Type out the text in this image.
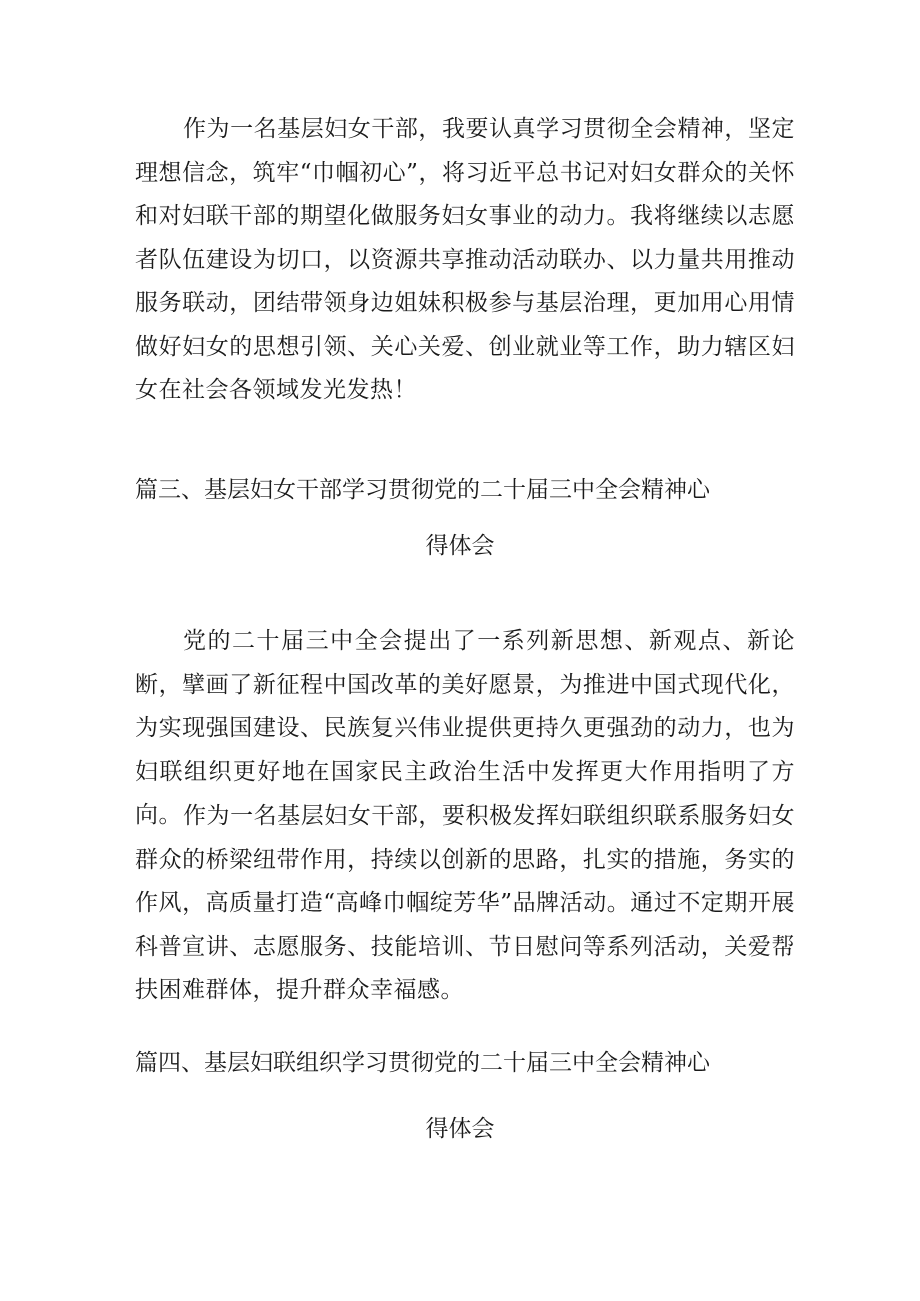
作为一名基层妇女干部，我要认真学习贯彻全会精神，坚定理想信念，筑牢“巾帼初心”，将习近平总书记对妇女群众的关怀和对妇联干部的期望化做服务妇女事业的动力。我将继续以志愿者队伍建设为切口，以资源共享推动活动联办、以力量共用推动服务联动，团结带领身边姐妹积极参与基层治理，更加用心用情做好妇女的思想引领、关心关爱、创业就业等工作，助力辖区妇女在社会各领域发光发热！

篇三、基层妇女干部学习贯彻党的二十届三中全会精神心
得体会

党的二十届三中全会提出了一系列新思想、新观点、新论断，擘画了新征程中国改革的美好愿景，为推进中国式现代化，为实现强国建设、民族复兴伟业提供更持久更强劲的动力，也为妇联组织更好地在国家民主政治生活中发挥更大作用指明了方向。 作为一名基层妇女干部，要积极发挥妇联组织联系服务妇女群众的桥梁纽带作用，持续以创新的思路，扎实的措施，务实的作风，高质量打造“高峰巾帼绽芳华”品牌活动。通过不定期开展科普宣讲、志愿服务、技能培训、节日慰问等系列活动，关爱帮扶困难群体，提升群众幸福感。

篇四、基层妇联组织学习贯彻党的二十届三中全会精神心
得体会
